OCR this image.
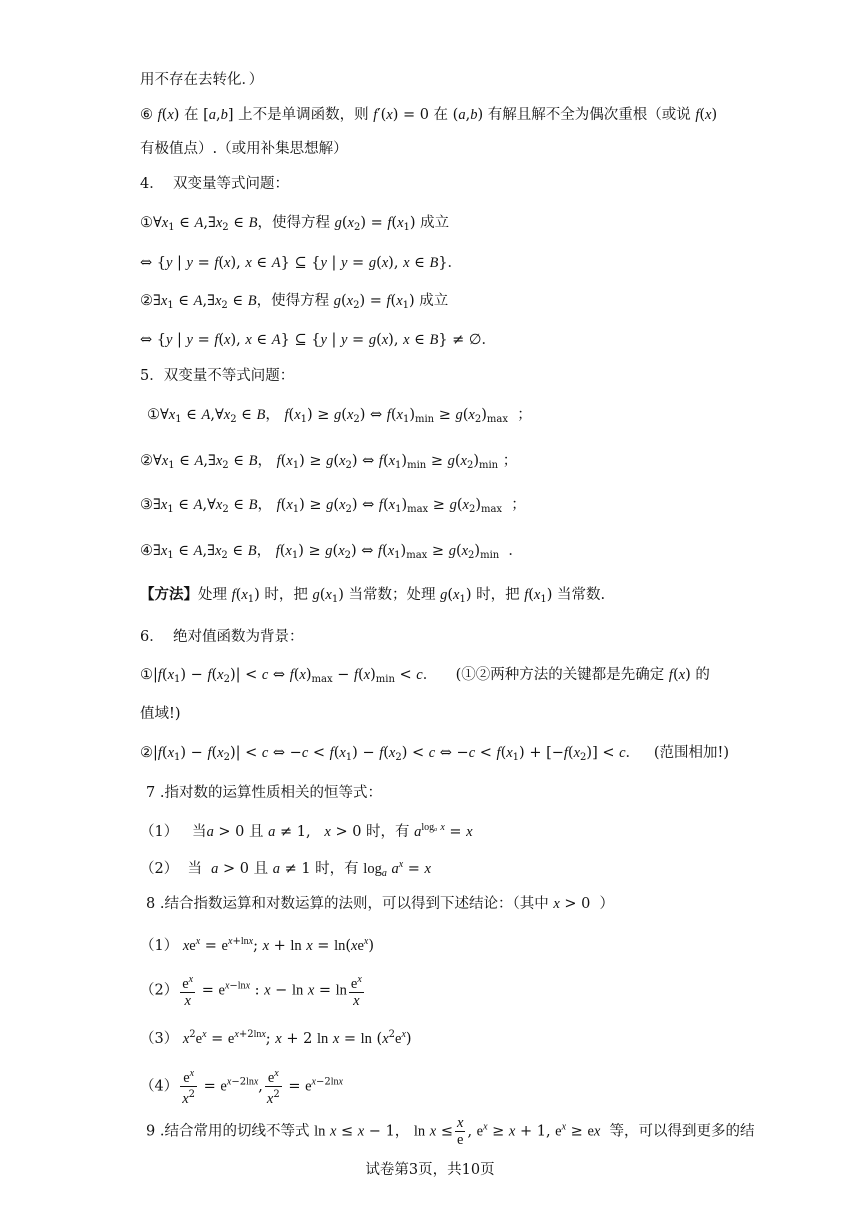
用不存在去转化．）
⑥ f(x) 在 [a,b] 上不是单调函数，则 f′(x) = 0 在 (a,b) 有解且解不全为偶次重根（或说 f(x)
有极值点）.（或用补集思想解）
4．  双变量等式问题：
$①\forall x_1$ ∈ $A,\exists x_2$ ∈ B，使得方程 $g(x_2) = f(x_1)$ 成立
⇔ {y | y = f(x), x ∈ A} ⊆ {y | y = g(x), x ∈ B}．
$②\exists x_1$ ∈ $A,\exists x_2$ ∈ B，使得方程 $g(x_2) = f(x_1)$ 成立
⇔ {y | y = f(x), x ∈ A} ⊆ {y | y = g(x), x ∈ B} ≠ ∅．
5．双变量不等式问题：
$①\forall x_1$ ∈ $A,\forall x_2$ ∈ B， $f(x_1) \ge g(x_2)$ ⇔ $f(x_1)_{min} \ge g(x_2)_{max}$  ；
$②\forall x_1$ ∈ $A,\exists x_2$ ∈ B， $f(x_1) \ge g(x_2)$ ⇔ $f(x_1)_{min} \ge g(x_2)_{min}$ ；
$③\exists x_1$ ∈ $A,\forall x_2$ ∈ B， $f(x_1) \ge g(x_2)$ ⇔ $f(x_1)_{max} \ge g(x_2)_{max}$  ；
$④\exists x_1$ ∈ $A,\exists x_2$ ∈ B， $f(x_1) \ge g(x_2)$ ⇔ $f(x_1)_{max} \ge g(x_2)_{min}$  ．
【方法】处理 $f(x_1)$ 时，把 $g(x_1)$ 当常数；处理 $g(x_1)$ 时，把 $f(x_1)$ 当常数.
6．  绝对值函数为背景：
$①|f(x_1) - f(x_2)| < c$ ⇔ $f(x)_{max} - f(x)_{min} < c$．    (①②两种方法的关键都是先确定 f(x) 的
值域!)
$②|f(x_1) - f(x_2)| < c$ ⇔ $-c < f(x_1) - f(x_2) < c$ ⇔ $-c < f(x_1) + [-f(x_2)] < c$．   (范围相加!)
7 .指对数的运算性质相关的恒等式：
（1）   当a > 0 且 a ≠ 1,   x > 0 时，有 $a^{log_a x} = x$
（2）  当  a > 0 且 a ≠ 1 时，有 $\log_a a^x = x$
8 .结合指数运算和对数运算的法则，可以得到下述结论：（其中 x > 0  ）
（1） $xe^x = e^{x+lnx}$; $x + \ln x = \ln(xe^x)$
$(2) \frac{e^x}{x} = e^{x-lnx}$ : $x - \ln x = \ln \frac{e^x}{x}$
（3） $x^2e^x = e^{x+2lnx}$; x + 2 $\ln x = \ln (x^2e^x)$
$(4) \frac{e^x}{x^2} = e^{x-2lnx}$, $\frac{e^x}{x^2} = e^{x-2lnx}$
9 .结合常用的切线不等式 ln x ≤ x − 1， $\ln x \le \frac{x}{e}$ , $e^x \ge x + 1$, $e^x$ ≥ ex  等，可以得到更多的结
试卷第3页，共10页
